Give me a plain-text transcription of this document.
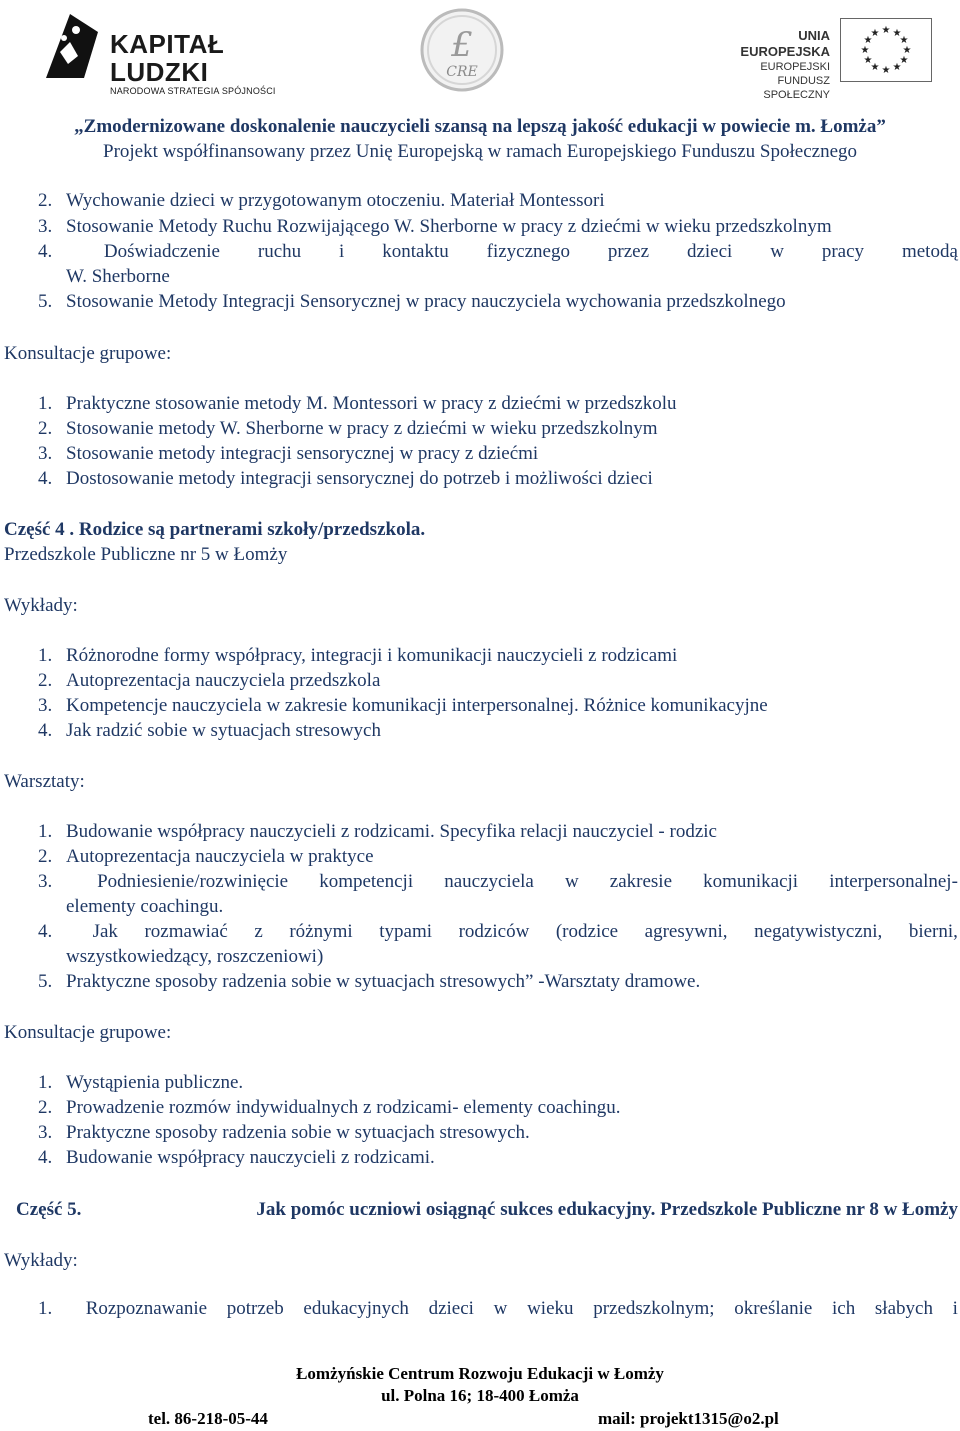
KAPITAŁ LUDZKI
NARODOWA STRATEGIA SPÓJNOŚCI
£
CRE
UNIA EUROPEJSKA
EUROPEJSKI
FUNDUSZ SPOŁECZNY
★ ★
★
★
★
★
★
★
★
★
★
★
„Zmodernizowane doskonalenie nauczycieli szansą na lepszą jakość edukacji w powiecie m. Łomża”
Projekt współfinansowany przez Unię Europejską w ramach Europejskiego Funduszu Społecznego
2. Wychowanie dzieci w przygotowanym otoczeniu. Materiał Montessori
3. Stosowanie Metody Ruchu Rozwijającego W. Sherborne w pracy z dziećmi w wieku przedszkolnym
4.	Doświadczenie ruchu i kontaktu fizycznego przez dzieci w pracy metodą
W. Sherborne
5. Stosowanie Metody Integracji Sensorycznej w pracy nauczyciela wychowania przedszkolnego
Konsultacje grupowe:
1. Praktyczne stosowanie metody M. Montessori w pracy z dziećmi w przedszkolu
2. Stosowanie metody W. Sherborne w pracy z dziećmi w wieku przedszkolnym
3. Stosowanie metody integracji sensorycznej w pracy z dziećmi
4. Dostosowanie metody integracji sensorycznej do potrzeb i możliwości dzieci
Część 4 . Rodzice są partnerami szkoły/przedszkola.
Przedszkole Publiczne nr 5 w Łomży
Wykłady:
1. Różnorodne formy współpracy, integracji i komunikacji nauczycieli z rodzicami
2. Autoprezentacja nauczyciela przedszkola
3. Kompetencje nauczyciela w zakresie komunikacji interpersonalnej. Różnice komunikacyjne
4. Jak radzić sobie w sytuacjach stresowych
Warsztaty:
1. Budowanie współpracy nauczycieli z rodzicami. Specyfika relacji nauczyciel - rodzic
2. Autoprezentacja nauczyciela w praktyce
3.	Podniesienie/rozwinięcie kompetencji nauczyciela w zakresie komunikacji interpersonalnej-
elementy coachingu.
4.	Jak rozmawiać z różnymi typami rodziców (rodzice agresywni, negatywistyczni, bierni,
wszystkowiedzący, roszczeniowi)
5. Praktyczne sposoby radzenia sobie w sytuacjach stresowych” -Warsztaty dramowe.
Konsultacje grupowe:
1. Wystąpienia publiczne.
2. Prowadzenie rozmów indywidualnych z rodzicami- elementy coachingu.
3. Praktyczne sposoby radzenia sobie w sytuacjach stresowych.
4. Budowanie współpracy nauczycieli z rodzicami.
Część 5.	Jak pomóc uczniowi osiągnąć sukces edukacyjny. Przedszkole Publiczne nr 8 w Łomży
Wykłady:
1.	Rozpoznawanie potrzeb edukacyjnych dzieci w wieku przedszkolnym; określanie ich słabych i
Łomżyńskie Centrum Rozwoju Edukacji w Łomży
ul. Polna 16; 18-400 Łomża
tel. 86-218-05-44	mail: projekt1315@o2.pl
